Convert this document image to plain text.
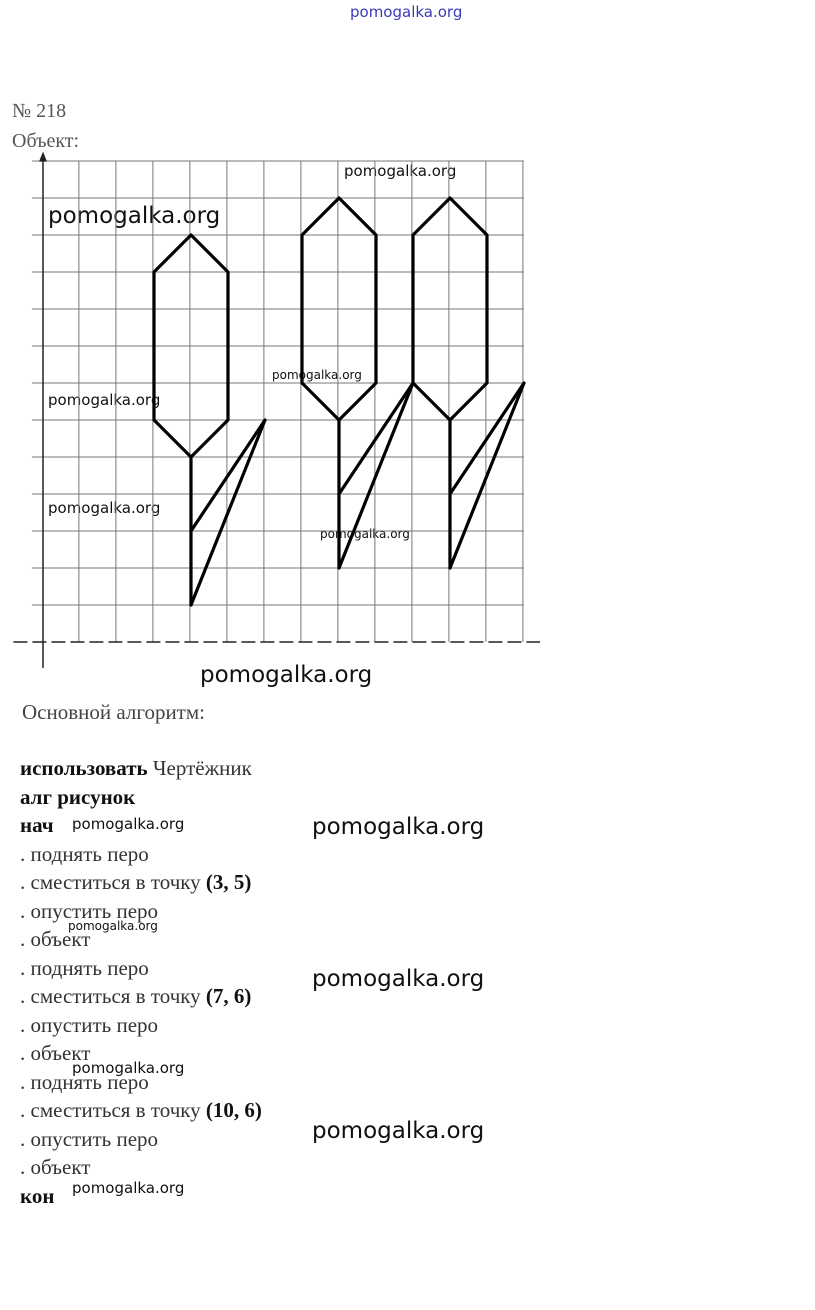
pomogalka.org
pomogalka.org
pomogalka.org
pomogalka.org
pomogalka.org
pomogalka.org
pomogalka.org
pomogalka.org
pomogalka.org	pomogalka.org
pomogalka.org
pomogalka.org
pomogalka.org
pomogalka.org
pomogalka.org
№ 218
Объект:
Основной алгоритм:
использовать Чертёжник
алг рисунок
нач
. поднять перо
. сместиться в точку (3, 5)
. опустить перо
. объект
. поднять перо
. сместиться в точку (7, 6)
. опустить перо
. объект
. поднять перо
. сместиться в точку (10, 6)
. опустить перо
. объект
кон
